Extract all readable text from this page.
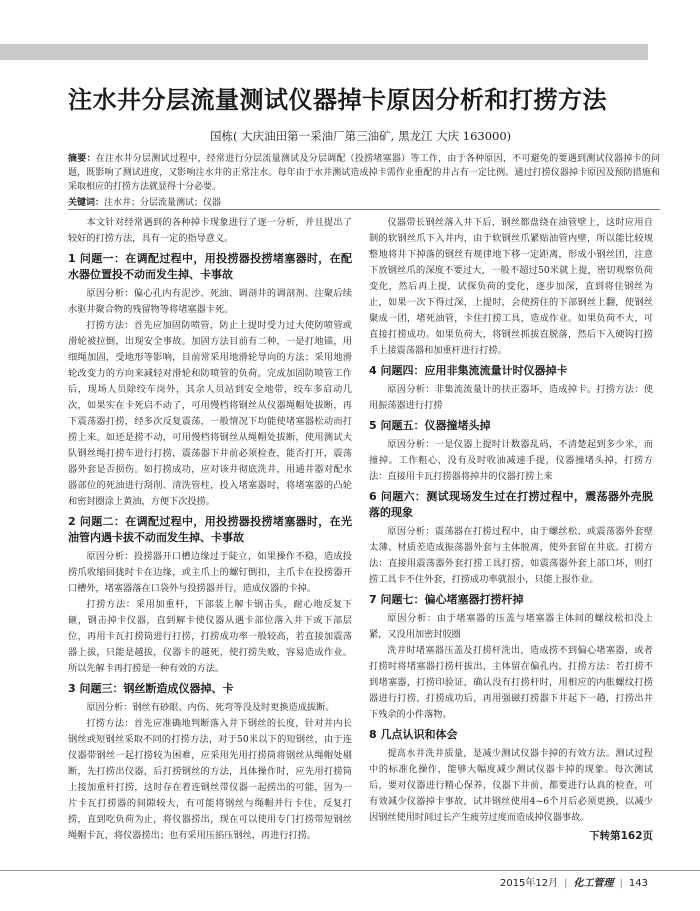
注水井分层流量测试仪器掉卡原因分析和打捞方法
国栋( 大庆油田第一采油厂第三油矿, 黑龙江 大庆 163000)
摘要：在注水井分层测试过程中，经常进行分层流量测试及分层调配（投捞堵塞器）等工作，由于各种原因，不可避免的要遇到测试仪器掉卡的问题，既影响了测试进度，又影响注水井的正常注水。每年由于水井测试造成掉卡需作业重配的井占有一定比例。通过打捞仪器掉卡原因及预防措施和采取相应的打捞方法就显得十分必要。
关键词：注水井；分层流量测试；仪器

本文针对经常遇到的各种掉卡现象进行了逐一分析，并且提出了较好的打捞方法，具有一定的指导意义。

1 问题一：在调配过程中，用投捞器投捞堵塞器时，在配水器位置投不动而发生掉、卡事故

原因分析：偏心孔内有泥沙、死油、调剖井的调剖剂、注聚后续水驱井聚合物的残留物等将堵塞器卡死。

打捞方法：首先应加固防喷管，防止上提时受力过大使防喷管或滑轮被拉倒，出现安全事故。加固方法目前有二种，一是打地锚，用细绳加固，受地形等影响，目前常采用地滑轮导向的方法；采用地滑轮改变力的方向来减轻对滑轮和防喷管的负荷。完成加固防喷管工作后，现场人员除绞车岗外，其余人员站到安全地带，绞车多启动几次，如果实在卡死启不动了，可用慢档将钢丝从仪器绳帽处拔断，再下震荡器打捞，经多次反复震荡，一般情况下均能使堵塞器松动而打捞上来。如还是捞不动，可用慢档将钢丝从绳帽处拔断，使用测试大队钢丝绳打捞车进行打捞，震荡器下井前必须检查，能否打开，震荡器外套是否损伤。如打捞成功，应对该井彻底洗井，用通井器对配水器部位的死油进行刮削、清洗管柱，投入堵塞器时，将堵塞器的凸轮和密封圈涂上黄油，方便下次投捞。

2 问题二：在调配过程中，用投捞器投捞堵塞器时，在光油管内遇卡拔不动而发生掉、卡事故

原因分析：投捞器开口槽边缘过于陡立，如果操作不稳，造成投捞爪收缩回拢时卡在边缘，或主爪上的螺钉倒扣，主爪卡在投捞器开口槽外，堵塞器落在口袋外与投捞器并行，造成仪器的卡掉。

打捞方法：采用加重杆，下部装上解卡钢击头，耐心地反复下砸，钢击掉卡仪器，直到解卡使仪器从遇卡部位落入井下或下部层位，再用卡瓦打捞筒进行打捞，打捞成功率一般较高，若直接加震荡器上拔，只能是越拔，仪器卡的越死，使打捞失败，容易造成作业。所以先解卡再打捞是一种有效的方法。

3 问题三：钢丝断造成仪器掉、卡

原因分析：钢丝有砂眼、内伤、死弯等没及时更换造成拔断。

打捞方法：首先应准确地判断落入井下钢丝的长度，针对井内长钢丝或短钢丝采取不同的打捞方法，对于50米以下的短钢丝，由于连仪器带钢丝一起打捞较为困难，应采用先用打捞筒将钢丝从绳帽处剔断，先打捞出仪器，后打捞钢丝的方法，具体操作时，应先用打捞筒上接加重杆打捞，这时存在着连钢丝带仪器一起捞出的可能，因为一片卡瓦打捞器的间隙较大，有可能将钢丝与绳帽并行卡住，反复打捞，直到吃负荷为止，将仪器捞出，现在可以使用专门打捞带短钢丝绳帽卡瓦，将仪器捞出；也有采用压掐压钢丝，再进行打捞。

仪器带长钢丝落入井下后，钢丝都盘绕在油管壁上，这时应用自制的软钢丝爪下入井内，由于软钢丝爪紧贴油管内壁，所以能比较规整地将井下掉落的钢丝有规律地下移一定距离，形成小钢丝团，注意下放钢丝爪的深度不要过大，一般不超过50米就上提，密切观察负荷变化，然后再上提，试探负荷的变化，逐步加深，直到将住钢丝为止，如果一次下得过深，上提时，会使捞住的下部钢丝上翻，使钢丝聚成一团，堵死油管，卡住打捞工具，造成作业。如果负荷不大，可直接打捞成功。如果负荷大，将钢丝抓拔直脱落，然后下入硬钩打捞手上接震荡器和加重杆进行打捞。

4 问题四：应用非集流流量计时仪器掉卡

原因分析：非集流流量计的扶正器坏，造成掉卡。打捞方法：使用振荡器进行打捞

5 问题五：仪器撞堵头掉

原因分析：一是仪器上提时计数器乱码，不清楚起到多少米，而撞掉。工作粗心，没有及时收油减速手提，仪器撞堵头掉，打捞方法：直接用卡瓦打捞器将掉井的仪器打捞上来

6 问题六：测试现场发生过在打捞过程中，震荡器外壳脱落的现象

原因分析：震荡器在打捞过程中，由于螺丝松、或震荡器外套壁太薄、材质差造成振荡器外套与主体脱离，使外套留在井底。打捞方法：直接用震荡器外套打捞工具打捞，如震荡器外套上部口坏，则打捞工具卡不住外套，打捞成功率就很小，只能上报作业。

7 问题七：偏心堵塞器打捞杆掉

原因分析：由于堵塞器的压盖与堵塞器主体间的螺纹松扣没上紧，又没用加密封胶圈

洗井时堵塞器压盖及打捞杆洗出，造成捞不到偏心堵塞器，或者打捞时将堵塞器打捞杆拔出，主体留在偏孔内，打捞方法：若打捞不到堵塞器，打捞印验证，确认没有打捞杆时，用相应的内胀螺纹打捞器进行打捞，打捞成功后，再用强磁打捞器下井起下一趟，打捞出井下残余的小件落物。

8 几点认识和体会

提高水井洗井质量，是减少测试仪器卡掉的有效方法。测试过程中的标准化操作，能够大幅度减少测试仪器卡掉的现象。每次测试后，要对仪器进行精心保养，仪器下井前，都要进行认真的检查，可有效减少仪器掉卡事故，试井钢丝使用4~6个月后必须更换，以减少因钢丝使用时间过长产生疲劳过度而造成掉仪器事故。

下转第162页
2015年12月 | 化工管理 | 143
